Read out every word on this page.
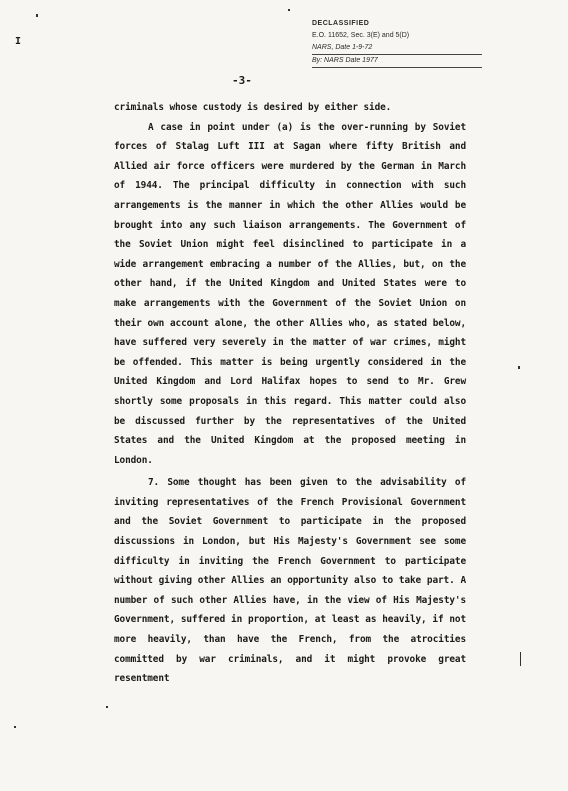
I
DECLASSIFIED
E.O. 11652, Sec. 3(E) and 5(D)
NARS, Date 1-9-72
By: NARS Date 1977
-3-

criminals whose custody is desired by either side.

A case in point under (a) is the over-running by Soviet forces of Stalag Luft III at Sagan where fifty British and Allied air force officers were murdered by the German in March of 1944. The principal difficulty in connection with such arrangements is the manner in which the other Allies would be brought into any such liaison arrangements. The Government of the Soviet Union might feel disinclined to participate in a wide arrangement embracing a number of the Allies, but, on the other hand, if the United Kingdom and United States were to make arrangements with the Government of the Soviet Union on their own account alone, the other Allies who, as stated below, have suffered very severely in the matter of war crimes, might be offended. This matter is being urgently considered in the United Kingdom and Lord Halifax hopes to send to Mr. Grew shortly some proposals in this regard. This matter could also be discussed further by the representatives of the United States and the United Kingdom at the proposed meeting in London.

7. Some thought has been given to the advisability of inviting representatives of the French Provisional Government and the Soviet Government to participate in the proposed discussions in London, but His Majesty's Government see some difficulty in inviting the French Government to participate without giving other Allies an opportunity also to take part. A number of such other Allies have, in the view of His Majesty's Government, suffered in proportion, at least as heavily, if not more heavily, than have the French, from the atrocities committed by war criminals, and it might provoke great resentment
